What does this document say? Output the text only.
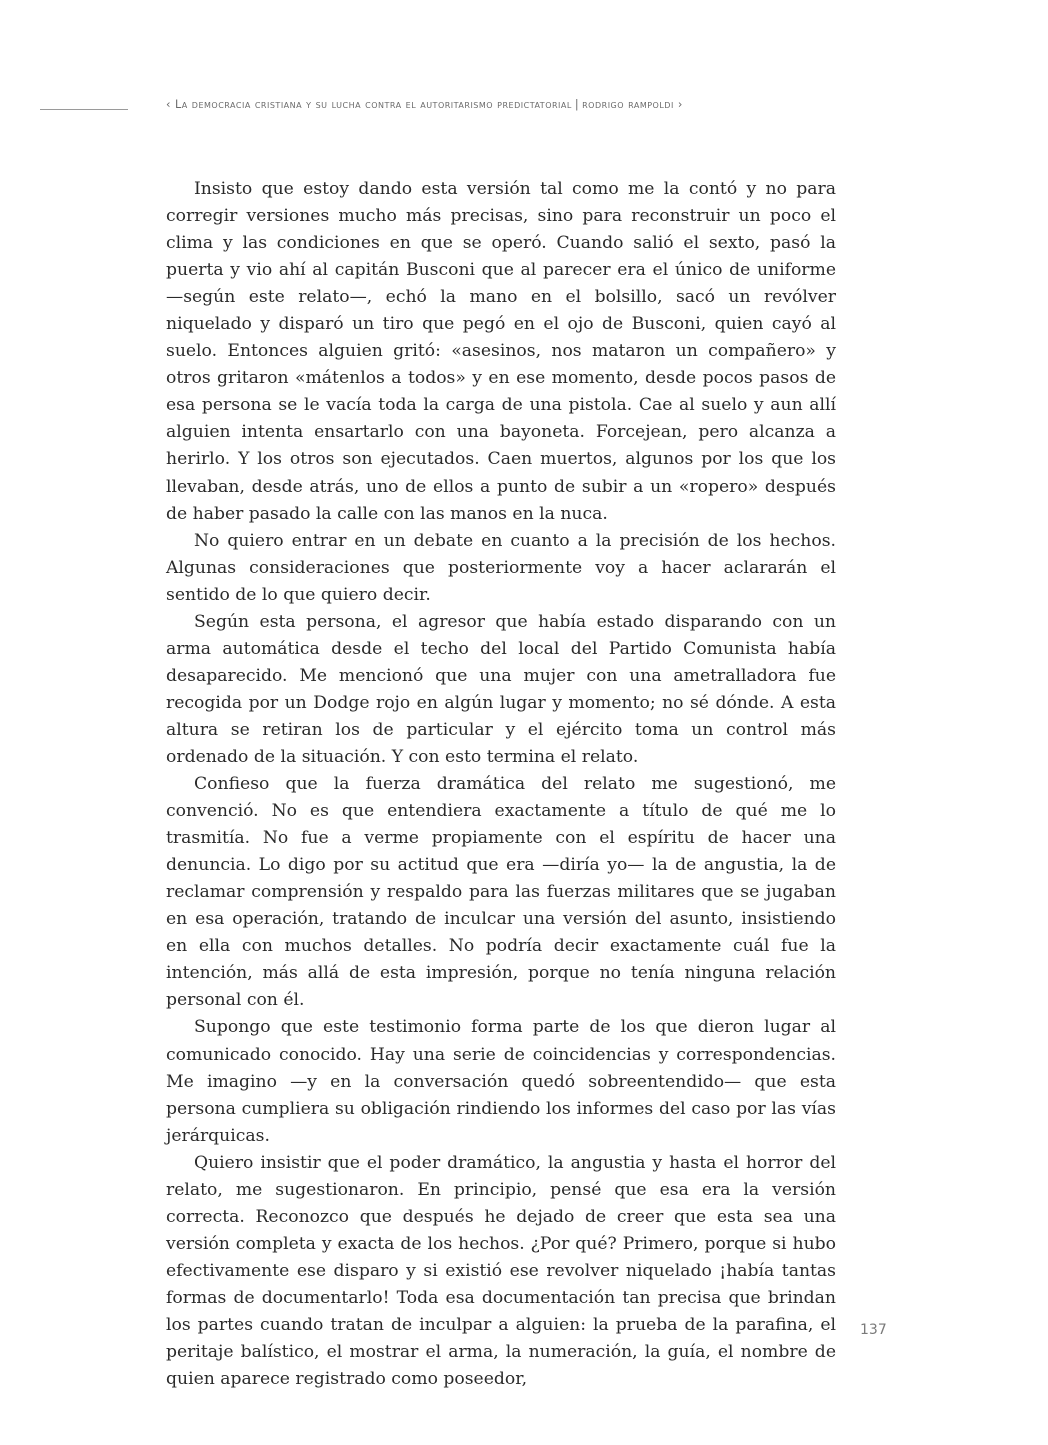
‹ La democracia cristiana y su lucha contra el autoritarismo predictatorial | rodrigo rampoldi ›

Insisto que estoy dando esta versión tal como me la contó y no para corregir versiones mucho más precisas, sino para reconstruir un poco el clima y las condiciones en que se operó. Cuando salió el sexto, pasó la puerta y vio ahí al capitán Busconi que al parecer era el único de uniforme —según este relato—, echó la mano en el bolsillo, sacó un revólver niquelado y disparó un tiro que pegó en el ojo de Busconi, quien cayó al suelo. Entonces alguien gritó: «asesinos, nos mataron un compañero» y otros gritaron «mátenlos a todos» y en ese momento, desde pocos pasos de esa persona se le vacía toda la carga de una pistola. Cae al suelo y aun allí alguien intenta ensartarlo con una bayoneta. Forcejean, pero alcanza a herirlo. Y los otros son ejecutados. Caen muertos, algunos por los que los llevaban, desde atrás, uno de ellos a punto de subir a un «ropero» después de haber pasado la calle con las manos en la nuca.

No quiero entrar en un debate en cuanto a la precisión de los hechos. Algunas consideraciones que posteriormente voy a hacer aclararán el sentido de lo que quiero decir.

Según esta persona, el agresor que había estado disparando con un arma automática desde el techo del local del Partido Comunista había desaparecido. Me mencionó que una mujer con una ametralladora fue recogida por un Dodge rojo en algún lugar y momento; no sé dónde. A esta altura se retiran los de particular y el ejército toma un control más ordenado de la situación. Y con esto termina el relato.

Confieso que la fuerza dramática del relato me sugestionó, me convenció. No es que entendiera exactamente a título de qué me lo trasmitía. No fue a verme propiamente con el espíritu de hacer una denuncia. Lo digo por su actitud que era —diría yo— la de angustia, la de reclamar comprensión y respaldo para las fuerzas militares que se jugaban en esa operación, tratando de inculcar una versión del asunto, insistiendo en ella con muchos detalles. No podría decir exactamente cuál fue la intención, más allá de esta impresión, porque no tenía ninguna relación personal con él.

Supongo que este testimonio forma parte de los que dieron lugar al comunicado conocido. Hay una serie de coincidencias y correspondencias. Me imagino —y en la conversación quedó sobreentendido— que esta persona cumpliera su obligación rindiendo los informes del caso por las vías jerárquicas.

Quiero insistir que el poder dramático, la angustia y hasta el horror del relato, me sugestionaron. En principio, pensé que esa era la versión correcta. Reconozco que después he dejado de creer que esta sea una versión completa y exacta de los hechos. ¿Por qué? Primero, porque si hubo efectivamente ese disparo y si existió ese revolver niquelado ¡había tantas formas de documentarlo! Toda esa documentación tan precisa que brindan los partes cuando tratan de inculpar a alguien: la prueba de la parafina, el peritaje balístico, el mostrar el arma, la numeración, la guía, el nombre de quien aparece registrado como poseedor,

137
